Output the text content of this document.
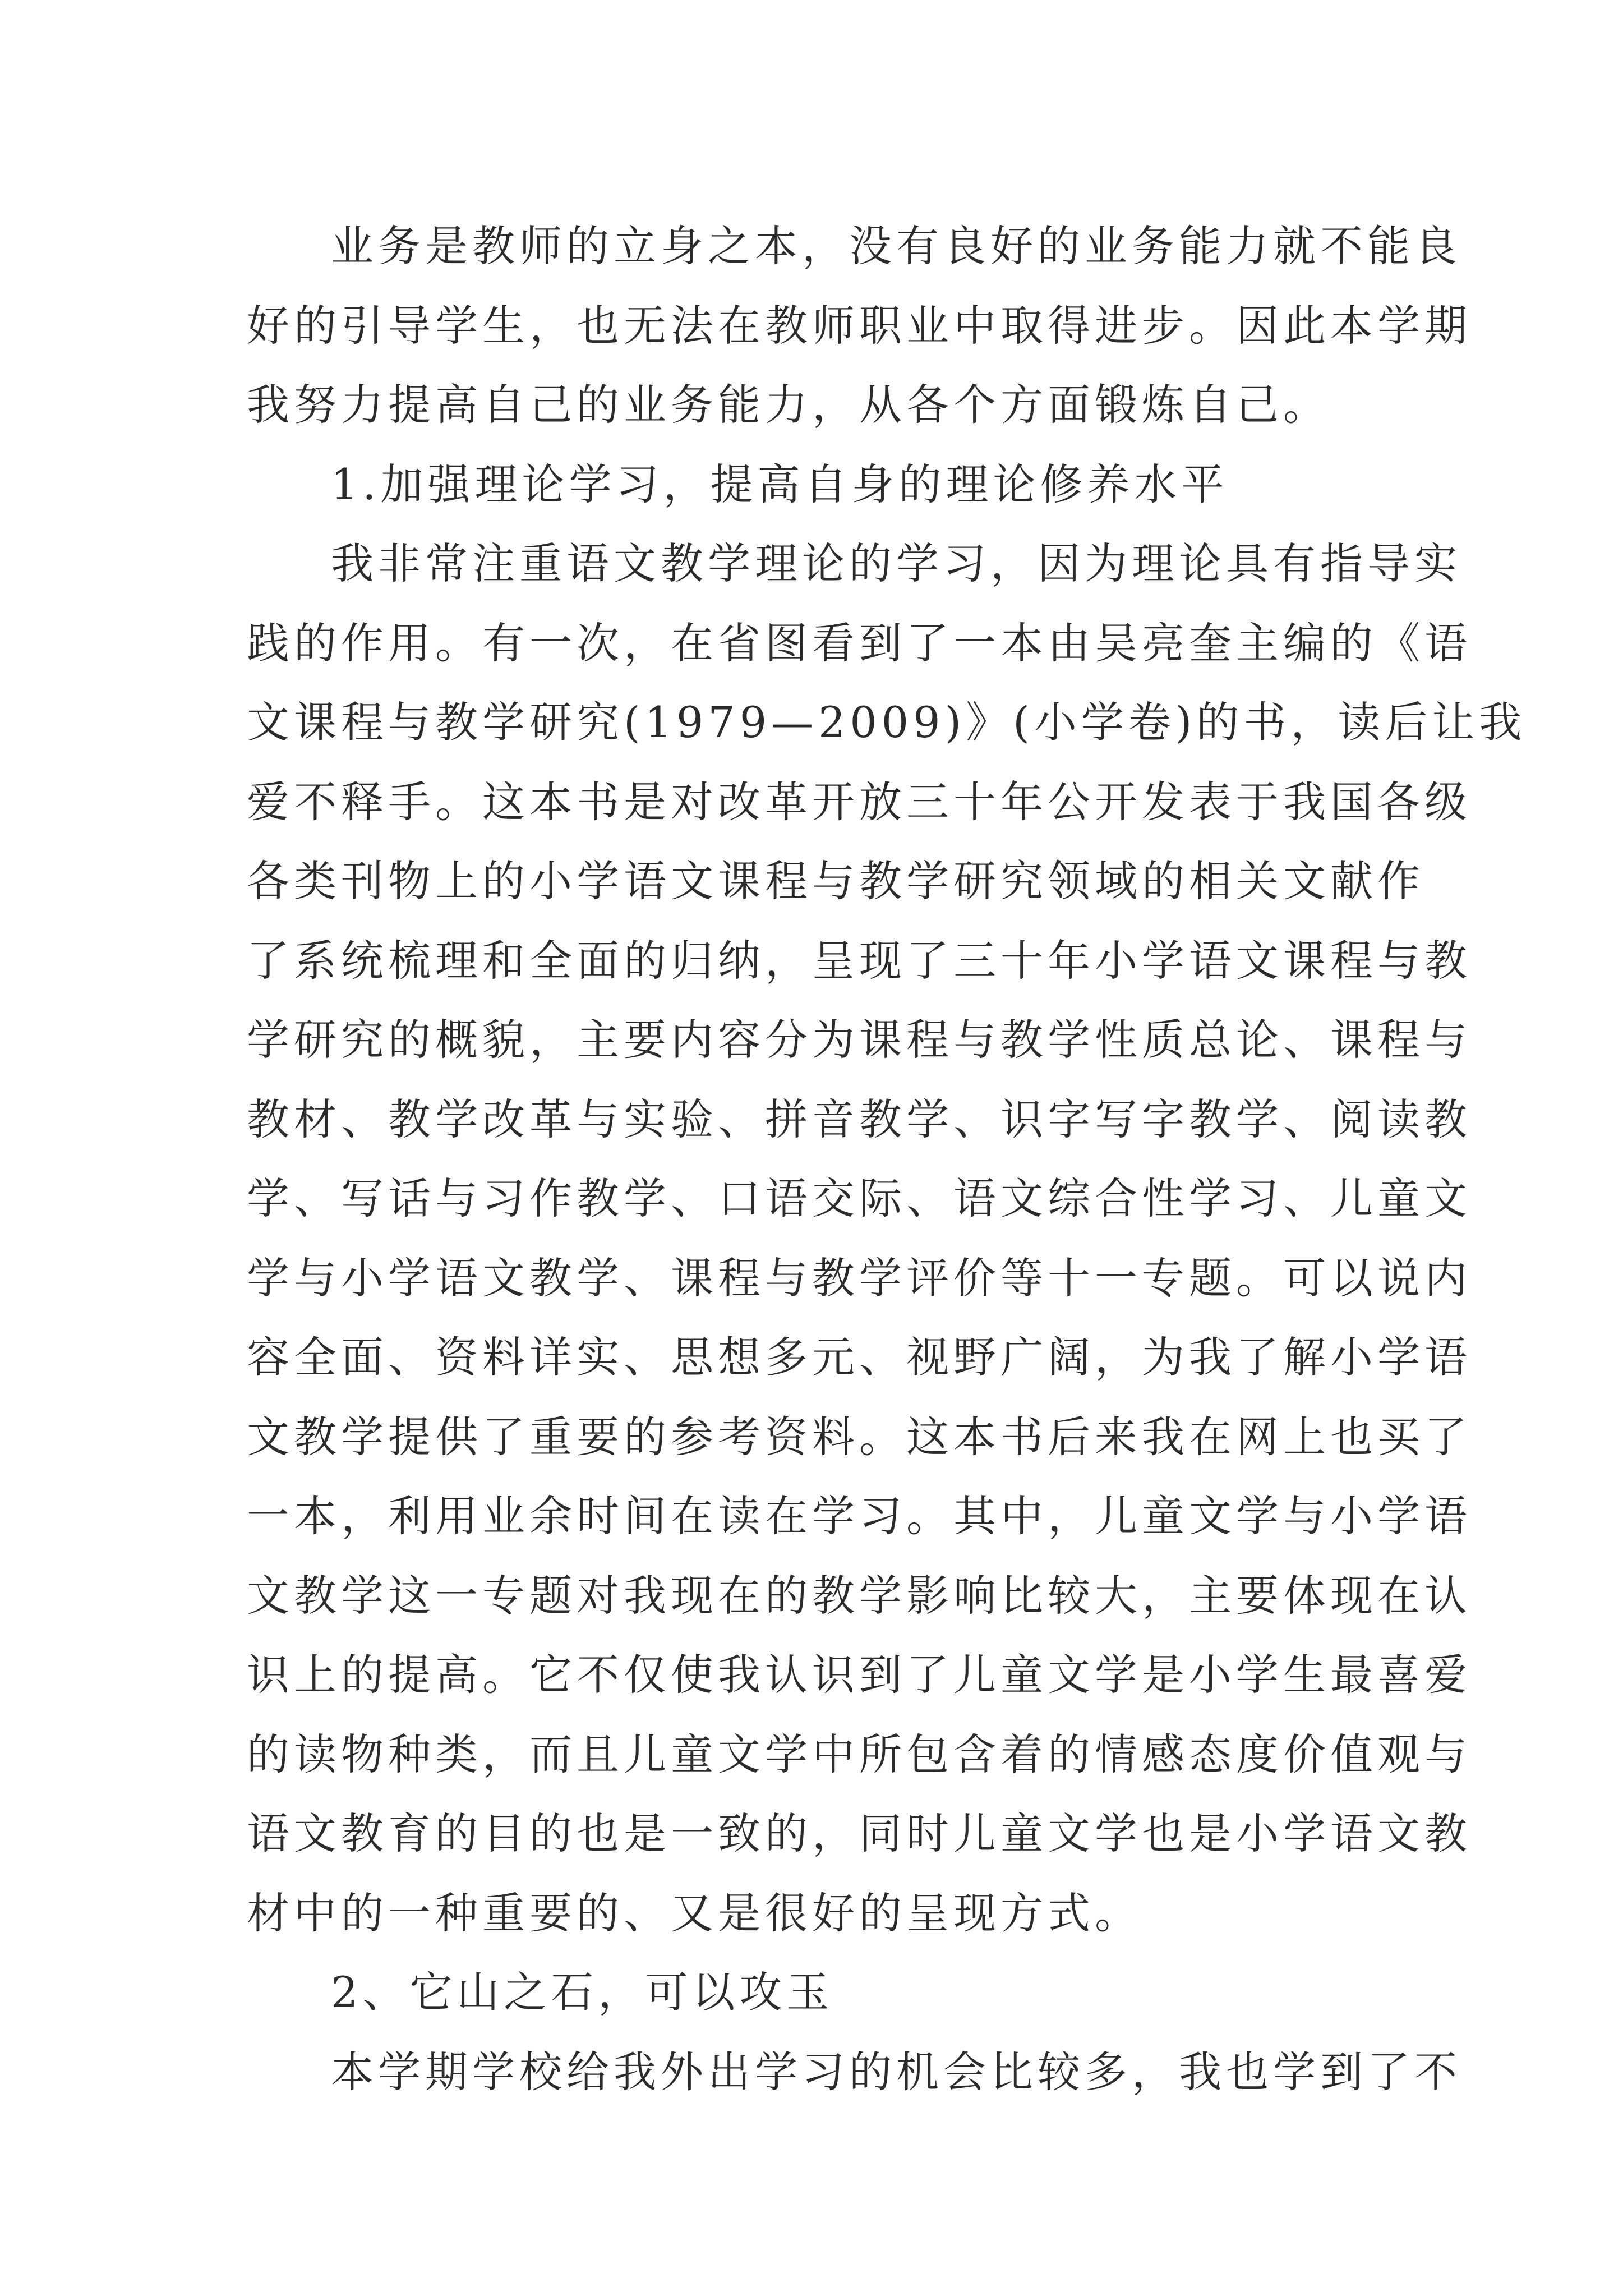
业务是教师的立身之本，没有良好的业务能力就不能良
好的引导学生，也无法在教师职业中取得进步。因此本学期
我努力提高自己的业务能力，从各个方面锻炼自己。
1.加强理论学习，提高自身的理论修养水平
我非常注重语文教学理论的学习，因为理论具有指导实
践的作用。有一次，在省图看到了一本由吴亮奎主编的《语
文课程与教学研究(1979—2009)》(小学卷)的书，读后让我
爱不释手。这本书是对改革开放三十年公开发表于我国各级
各类刊物上的小学语文课程与教学研究领域的相关文献作
了系统梳理和全面的归纳，呈现了三十年小学语文课程与教
学研究的概貌，主要内容分为课程与教学性质总论、课程与
教材、教学改革与实验、拼音教学、识字写字教学、阅读教
学、写话与习作教学、口语交际、语文综合性学习、儿童文
学与小学语文教学、课程与教学评价等十一专题。可以说内
容全面、资料详实、思想多元、视野广阔，为我了解小学语
文教学提供了重要的参考资料。这本书后来我在网上也买了
一本，利用业余时间在读在学习。其中，儿童文学与小学语
文教学这一专题对我现在的教学影响比较大，主要体现在认
识上的提高。它不仅使我认识到了儿童文学是小学生最喜爱
的读物种类，而且儿童文学中所包含着的情感态度价值观与
语文教育的目的也是一致的，同时儿童文学也是小学语文教
材中的一种重要的、又是很好的呈现方式。
2、它山之石，可以攻玉
本学期学校给我外出学习的机会比较多，我也学到了不
